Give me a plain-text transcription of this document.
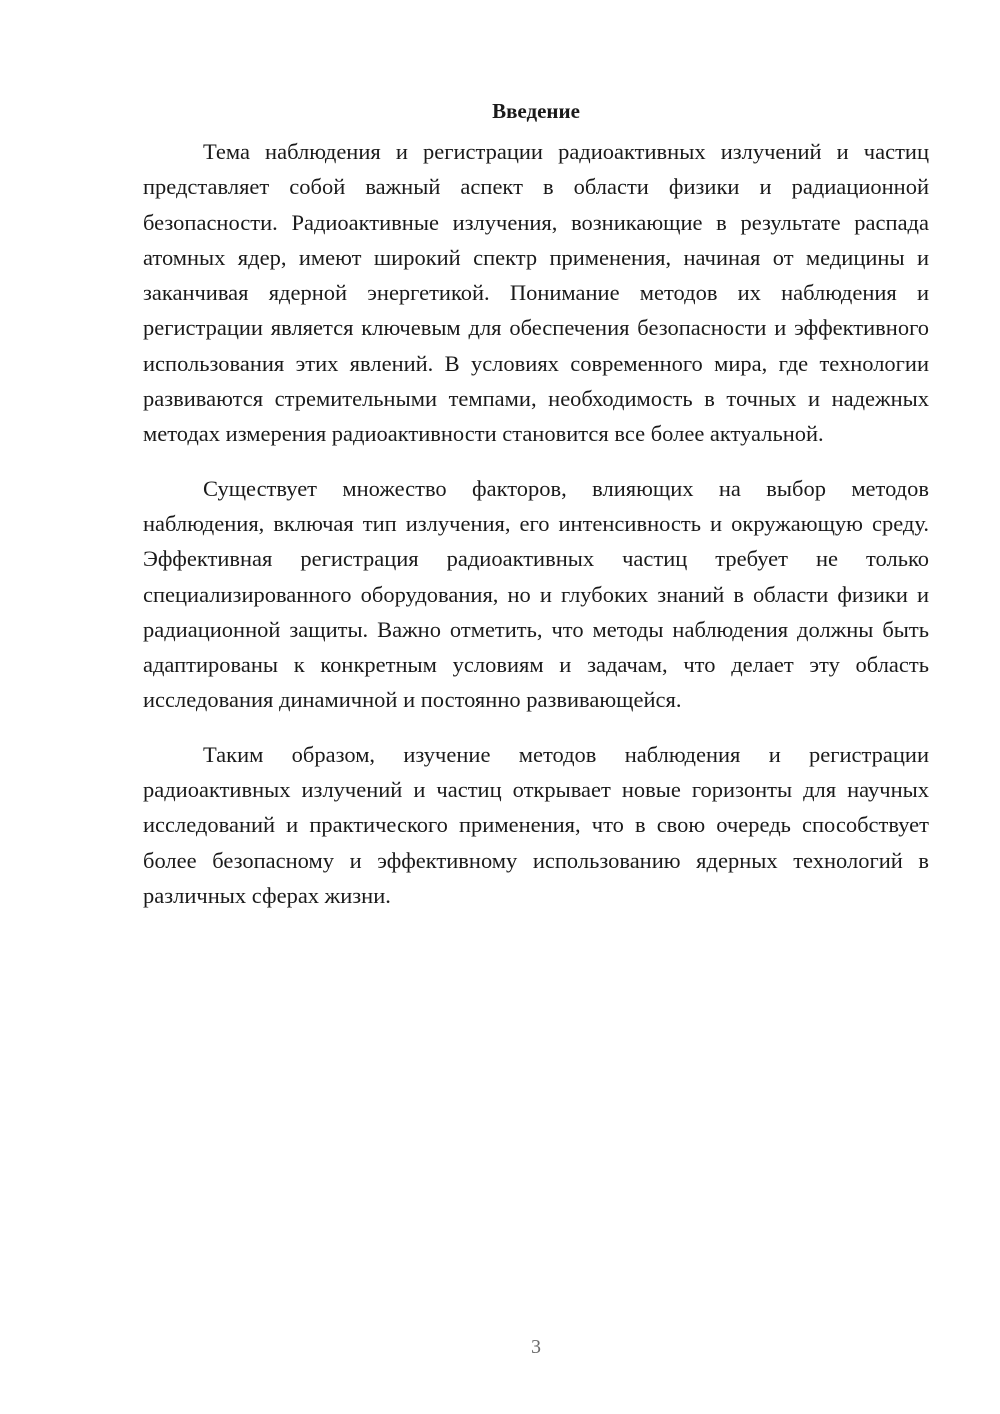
Введение

Тема наблюдения и регистрации радиоактивных излучений и частиц представляет собой важный аспект в области физики и радиационной безопасности. Радиоактивные излучения, возникающие в результате распада атомных ядер, имеют широкий спектр применения, начиная от медицины и заканчивая ядерной энергетикой. Понимание методов их наблюдения и регистрации является ключевым для обеспечения безопасности и эффективного использования этих явлений. В условиях современного мира, где технологии развиваются стремительными темпами, необходимость в точных и надежных методах измерения радиоактивности становится все более актуальной.

Существует множество факторов, влияющих на выбор методов наблюдения, включая тип излучения, его интенсивность и окружающую среду. Эффективная регистрация радиоактивных частиц требует не только специализированного оборудования, но и глубоких знаний в области физики и радиационной защиты. Важно отметить, что методы наблюдения должны быть адаптированы к конкретным условиям и задачам, что делает эту область исследования динамичной и постоянно развивающейся.

Таким образом, изучение методов наблюдения и регистрации радиоактивных излучений и частиц открывает новые горизонты для научных исследований и практического применения, что в свою очередь способствует более безопасному и эффективному использованию ядерных технологий в различных сферах жизни.

3
